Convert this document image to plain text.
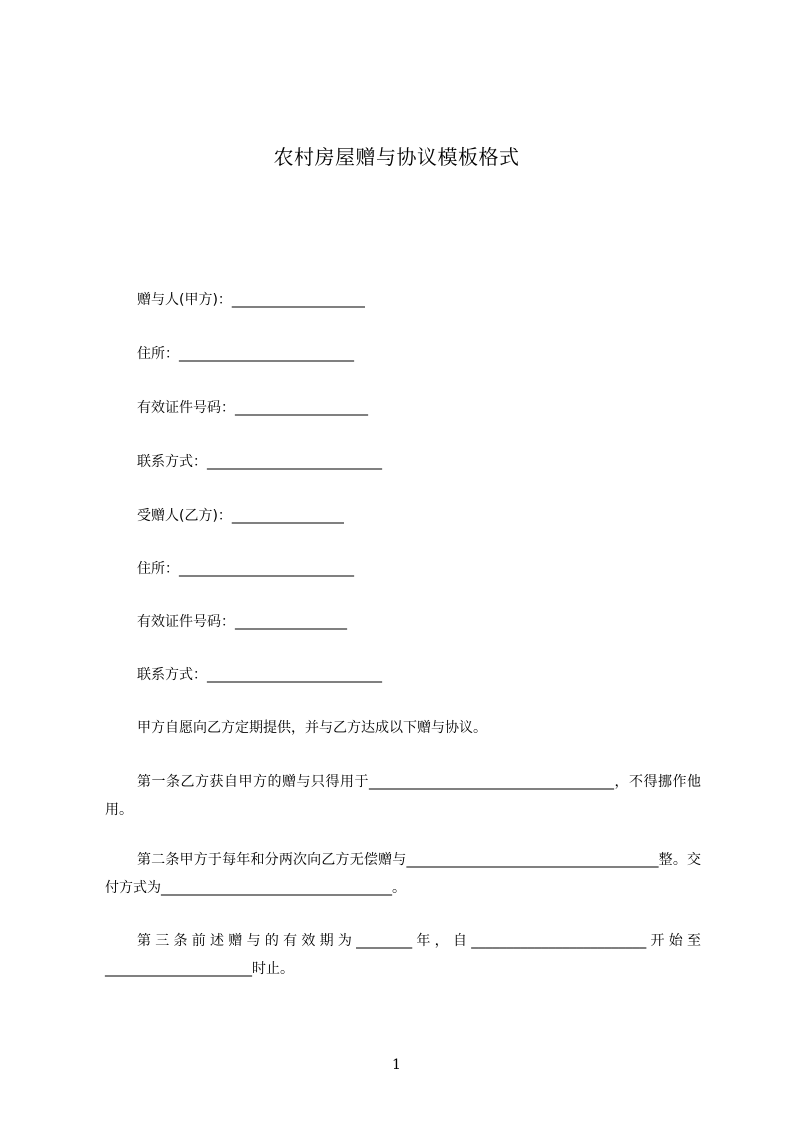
农村房屋赠与协议模板格式
赠与人(甲方)：___________________
住所：_________________________
有效证件号码：___________________
联系方式：_________________________
受赠人(乙方)：________________
住所：_________________________
有效证件号码：________________
联系方式：_________________________
甲方自愿向乙方定期提供，并与乙方达成以下赠与协议。
第一条乙方获自甲方的赠与只得用于___________________________________，不得挪作他用。
第二条甲方于每年和分两次向乙方无偿赠与____________________________________整。交付方式为_________________________________。
第三条前述赠与的有效期为________年，自_________________________开始至_____________________时止。
1
